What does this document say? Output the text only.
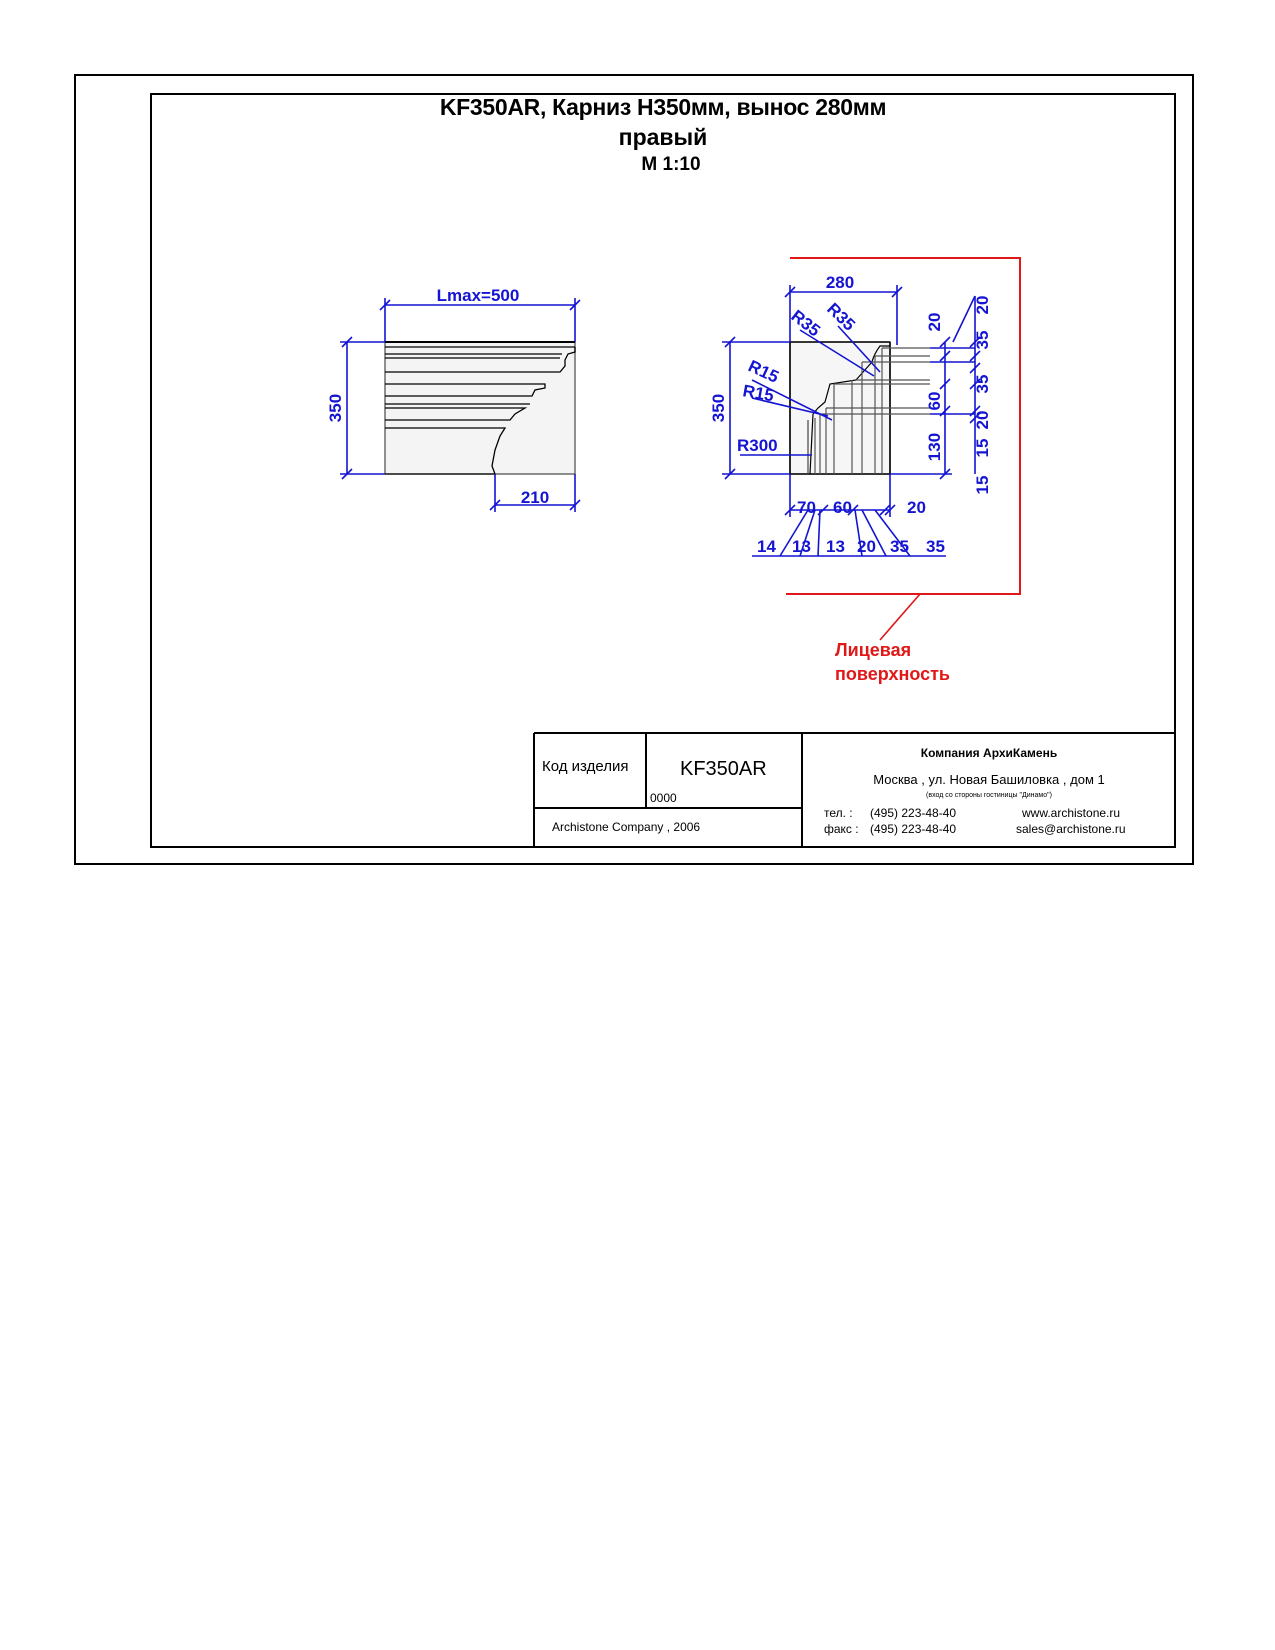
KF350AR, Карниз Н350мм, вынос 280мм
правый
М 1:10
Lmax=500
350
210
280
350
R35 R35
R15
R15
R300
20
60
130
20
35
35
20
15
15
70 60	20
14 13 13 20 35 35
Лицевая
поверхность
Код изделия	KF350AR
0000
Archistone Company , 2006
Компания АрхиКамень
Москва , ул. Новая Башиловка , дом 1
(вход со стороны гостиницы "Динамо")
тел. : (495) 223-48-40	www.archistone.ru
факс : (495) 223-48-40	sales@archistone.ru
